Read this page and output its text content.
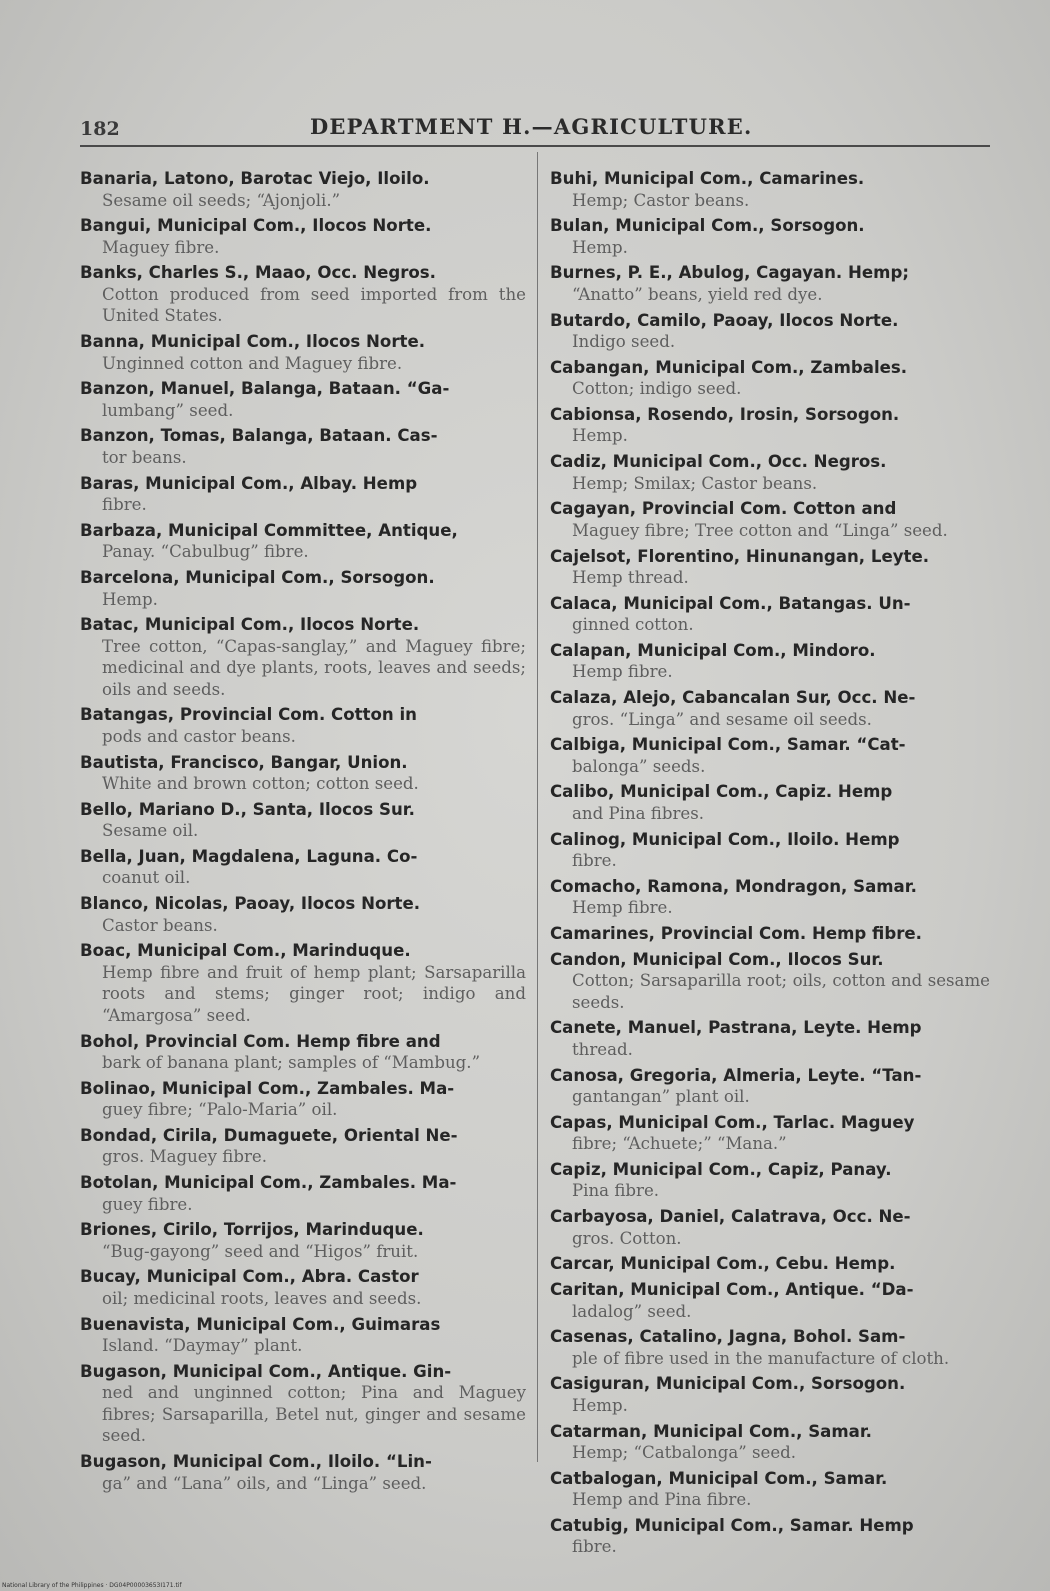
182	DEPARTMENT H.—AGRICULTURE.
Banaria, Latono, Barotac Viejo, Iloilo.
Sesame oil seeds; “Ajonjoli.”
Bangui, Municipal Com., Ilocos Norte.
Maguey fibre.
Banks, Charles S., Maao, Occ. Negros.
Cotton produced from seed imported from the United States.
Banna, Municipal Com., Ilocos Norte.
Unginned cotton and Maguey fibre.
Banzon, Manuel, Balanga, Bataan. “Ga-
lumbang” seed.
Banzon, Tomas, Balanga, Bataan. Cas-
tor beans.
Baras, Municipal Com., Albay. Hemp
fibre.
Barbaza, Municipal Committee, Antique,
Panay. “Cabulbug” fibre.
Barcelona, Municipal Com., Sorsogon.
Hemp.
Batac, Municipal Com., Ilocos Norte.
Tree cotton, “Capas-sanglay,” and Maguey fibre; medicinal and dye plants, roots, leaves and seeds; oils and seeds.
Batangas, Provincial Com. Cotton in
pods and castor beans.
Bautista, Francisco, Bangar, Union.
White and brown cotton; cotton seed.
Bello, Mariano D., Santa, Ilocos Sur.
Sesame oil.
Bella, Juan, Magdalena, Laguna. Co-
coanut oil.
Blanco, Nicolas, Paoay, Ilocos Norte.
Castor beans.
Boac, Municipal Com., Marinduque.
Hemp fibre and fruit of hemp plant; Sarsaparilla roots and stems; ginger root; indigo and “Amargosa” seed.
Bohol, Provincial Com. Hemp fibre and
bark of banana plant; samples of “Mambug.”
Bolinao, Municipal Com., Zambales. Ma-
guey fibre; “Palo-Maria” oil.
Bondad, Cirila, Dumaguete, Oriental Ne-
gros. Maguey fibre.
Botolan, Municipal Com., Zambales. Ma-
guey fibre.
Briones, Cirilo, Torrijos, Marinduque.
“Bug-gayong” seed and “Higos” fruit.
Bucay, Municipal Com., Abra. Castor
oil; medicinal roots, leaves and seeds.
Buenavista, Municipal Com., Guimaras
Island. “Daymay” plant.
Bugason, Municipal Com., Antique. Gin-
ned and unginned cotton; Pina and Maguey fibres; Sarsaparilla, Betel nut, ginger and sesame seed.
Bugason, Municipal Com., Iloilo. “Lin-
ga” and “Lana” oils, and “Linga” seed.
Buhi, Municipal Com., Camarines.
Hemp; Castor beans.
Bulan, Municipal Com., Sorsogon.
Hemp.
Burnes, P. E., Abulog, Cagayan. Hemp;
“Anatto” beans, yield red dye.
Butardo, Camilo, Paoay, Ilocos Norte.
Indigo seed.
Cabangan, Municipal Com., Zambales.
Cotton; indigo seed.
Cabionsa, Rosendo, Irosin, Sorsogon.
Hemp.
Cadiz, Municipal Com., Occ. Negros.
Hemp; Smilax; Castor beans.
Cagayan, Provincial Com. Cotton and
Maguey fibre; Tree cotton and “Linga” seed.
Cajelsot, Florentino, Hinunangan, Leyte.
Hemp thread.
Calaca, Municipal Com., Batangas. Un-
ginned cotton.
Calapan, Municipal Com., Mindoro.
Hemp fibre.
Calaza, Alejo, Cabancalan Sur, Occ. Ne-
gros. “Linga” and sesame oil seeds.
Calbiga, Municipal Com., Samar. “Cat-
balonga” seeds.
Calibo, Municipal Com., Capiz. Hemp
and Pina fibres.
Calinog, Municipal Com., Iloilo. Hemp
fibre.
Comacho, Ramona, Mondragon, Samar.
Hemp fibre.
Camarines, Provincial Com. Hemp fibre.
Candon, Municipal Com., Ilocos Sur.
Cotton; Sarsaparilla root; oils, cotton and sesame seeds.
Canete, Manuel, Pastrana, Leyte. Hemp
thread.
Canosa, Gregoria, Almeria, Leyte. “Tan-
gantangan” plant oil.
Capas, Municipal Com., Tarlac. Maguey
fibre; “Achuete;” “Mana.”
Capiz, Municipal Com., Capiz, Panay.
Pina fibre.
Carbayosa, Daniel, Calatrava, Occ. Ne-
gros. Cotton.
Carcar, Municipal Com., Cebu. Hemp.
Caritan, Municipal Com., Antique. “Da-
ladalog” seed.
Casenas, Catalino, Jagna, Bohol. Sam-
ple of fibre used in the manufacture of cloth.
Casiguran, Municipal Com., Sorsogon.
Hemp.
Catarman, Municipal Com., Samar.
Hemp; “Catbalonga” seed.
Catbalogan, Municipal Com., Samar.
Hemp and Pina fibre.
Catubig, Municipal Com., Samar. Hemp
fibre.
National Library of the Philippines · DG04P00003653I171.tif
